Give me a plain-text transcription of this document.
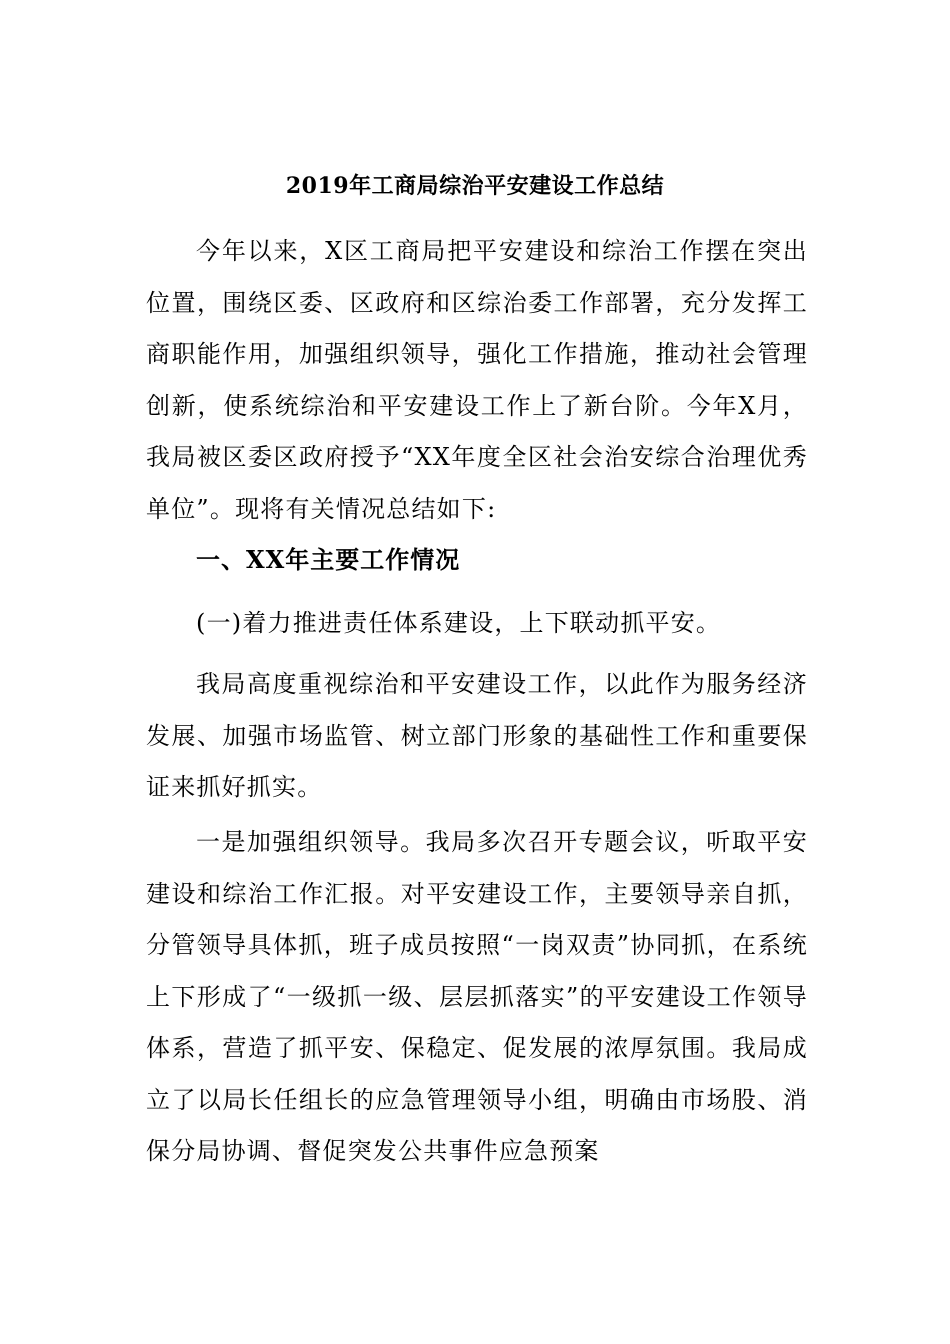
2019年工商局综治平安建设工作总结

今年以来，X区工商局把平安建设和综治工作摆在突出位置，围绕区委、区政府和区综治委工作部署，充分发挥工商职能作用，加强组织领导，强化工作措施，推动社会管理创新，使系统综治和平安建设工作上了新台阶。今年X月，我局被区委区政府授予“XX年度全区社会治安综合治理优秀单位”。现将有关情况总结如下:

一、XX年主要工作情况
(一)着力推进责任体系建设，上下联动抓平安。

我局高度重视综治和平安建设工作，以此作为服务经济发展、加强市场监管、树立部门形象的基础性工作和重要保证来抓好抓实。

一是加强组织领导。我局多次召开专题会议，听取平安建设和综治工作汇报。对平安建设工作，主要领导亲自抓，分管领导具体抓，班子成员按照“一岗双责”协同抓，在系统上下形成了“一级抓一级、层层抓落实”的平安建设工作领导体系，营造了抓平安、保稳定、促发展的浓厚氛围。我局成立了以局长任组长的应急管理领导小组，明确由市场股、消保分局协调、督促突发公共事件应急预案
